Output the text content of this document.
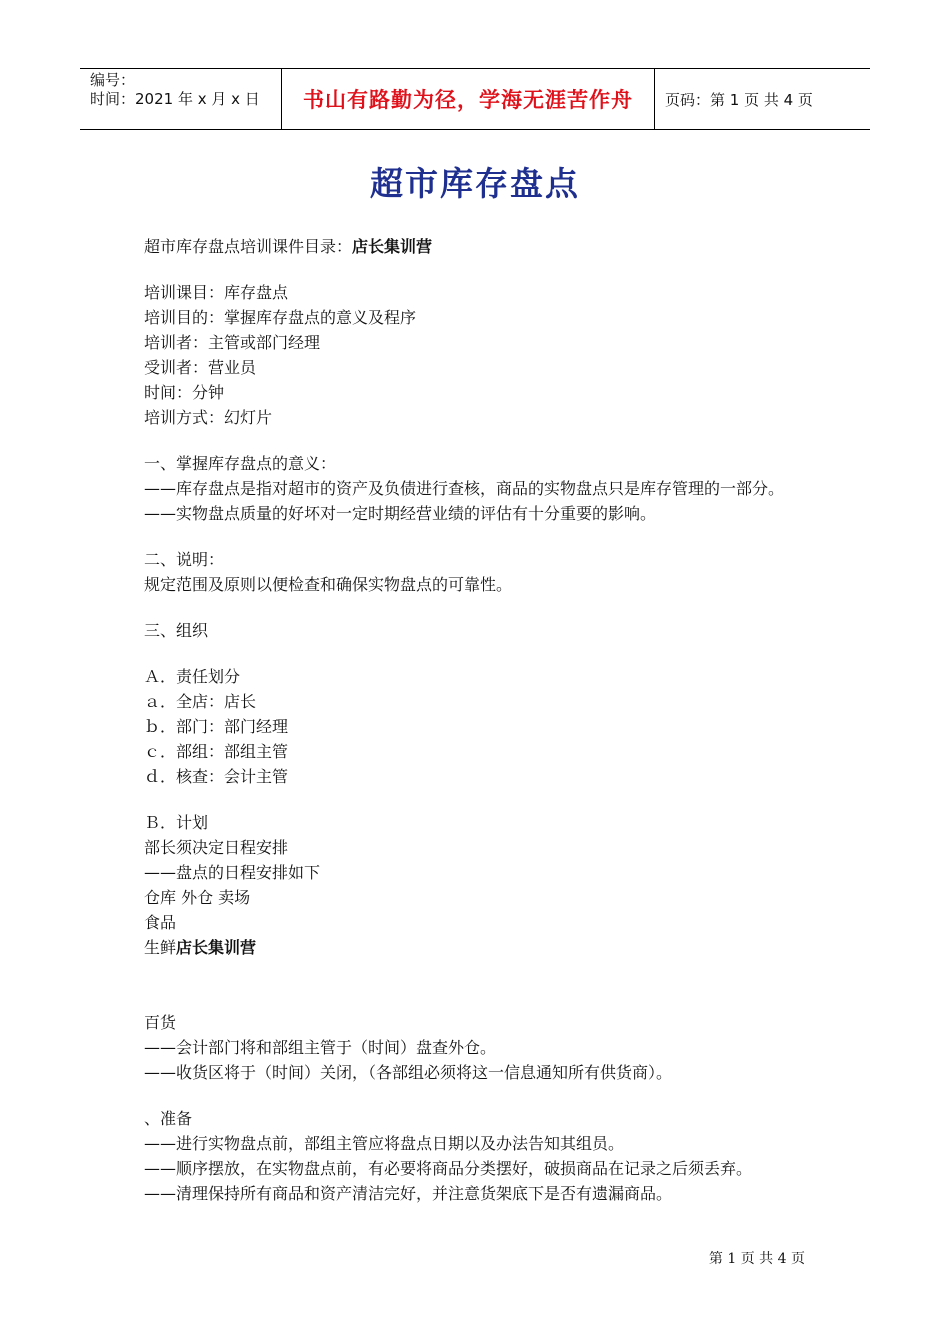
编号：
时间：2021 年 x 月 x 日	书山有路勤为径，学海无涯苦作舟	页码：第 1 页 共 4 页
超市库存盘点
超市库存盘点培训课件目录：店长集训营
培训课目：库存盘点
培训目的：掌握库存盘点的意义及程序
培训者：主管或部门经理
受训者：营业员
时间：分钟
培训方式：幻灯片
一、掌握库存盘点的意义：
——库存盘点是指对超市的资产及负债进行查核，商品的实物盘点只是库存管理的一部分。
——实物盘点质量的好坏对一定时期经营业绩的评估有十分重要的影响。
二、说明：
规定范围及原则以便检查和确保实物盘点的可靠性。
三、组织
Ａ．责任划分
ａ．全店：店长
ｂ．部门：部门经理
ｃ．部组：部组主管
ｄ．核查：会计主管
Ｂ．计划
部长须决定日程安排
——盘点的日程安排如下
仓库 外仓 卖场
食品
生鲜店长集训营
百货
——会计部门将和部组主管于（时间）盘查外仓。
——收货区将于（时间）关闭，（各部组必须将这一信息通知所有供货商）。
、准备
——进行实物盘点前，部组主管应将盘点日期以及办法告知其组员。
——顺序摆放，在实物盘点前，有必要将商品分类摆好，破损商品在记录之后须丢弃。
——清理保持所有商品和资产清洁完好，并注意货架底下是否有遗漏商品。
第 1 页 共 4 页
